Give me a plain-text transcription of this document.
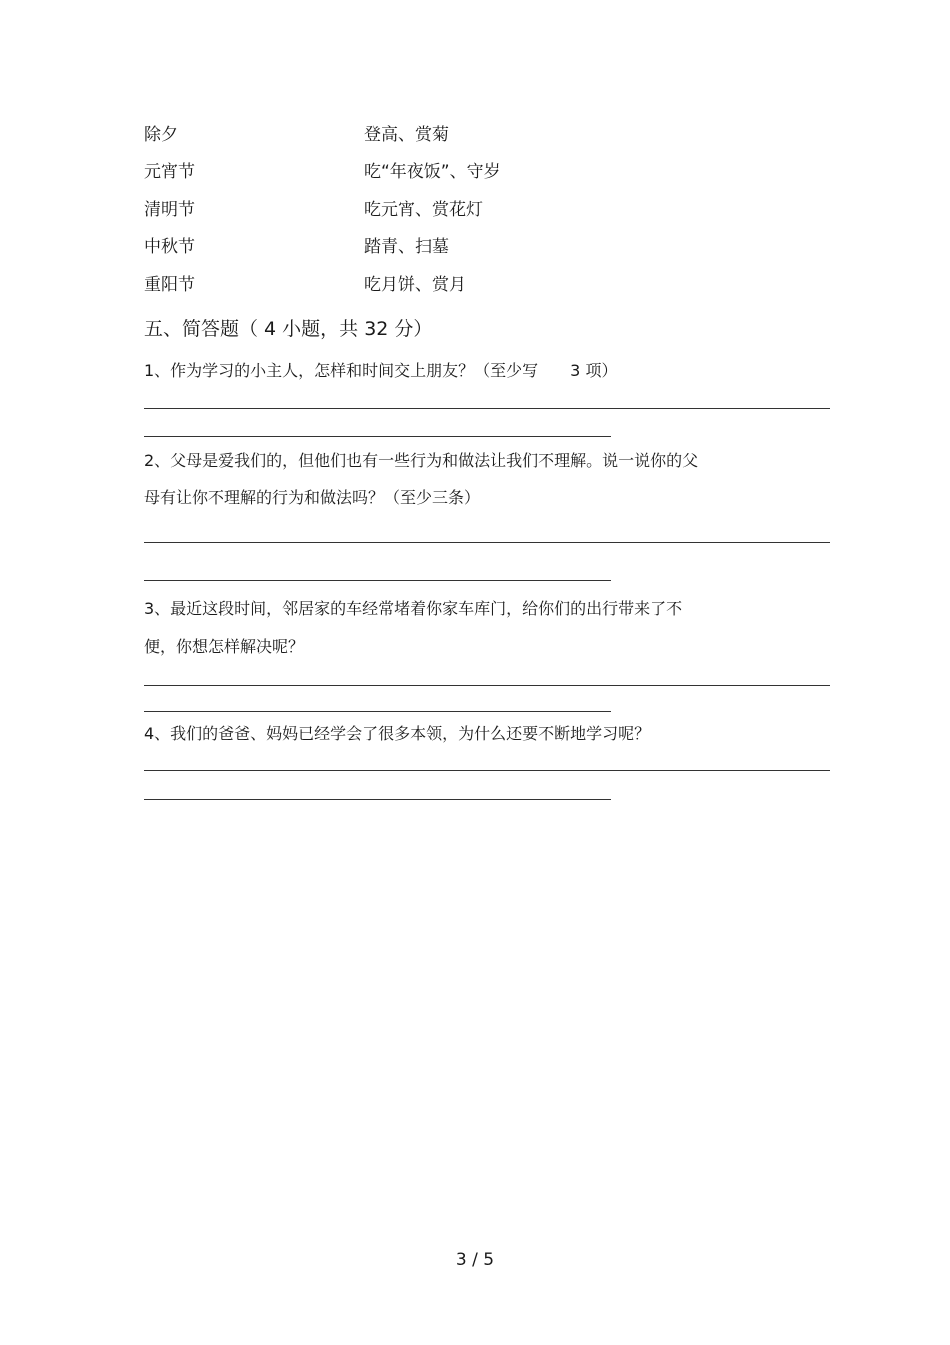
除夕	登高、赏菊
元宵节	吃“年夜饭”、守岁
清明节	吃元宵、赏花灯
中秋节	踏青、扫墓
重阳节	吃月饼、赏月
五、简答题（ 4 小题，共 32 分）
1、作为学习的小主人，怎样和时间交上朋友？（至少写　　3 项）
2、父母是爱我们的，但他们也有一些行为和做法让我们不理解。说一说你的父
母有让你不理解的行为和做法吗？（至少三条）
3、最近这段时间，邻居家的车经常堵着你家车库门，给你们的出行带来了不
便，你想怎样解决呢？
4、我们的爸爸、妈妈已经学会了很多本领，为什么还要不断地学习呢？
3 / 5
